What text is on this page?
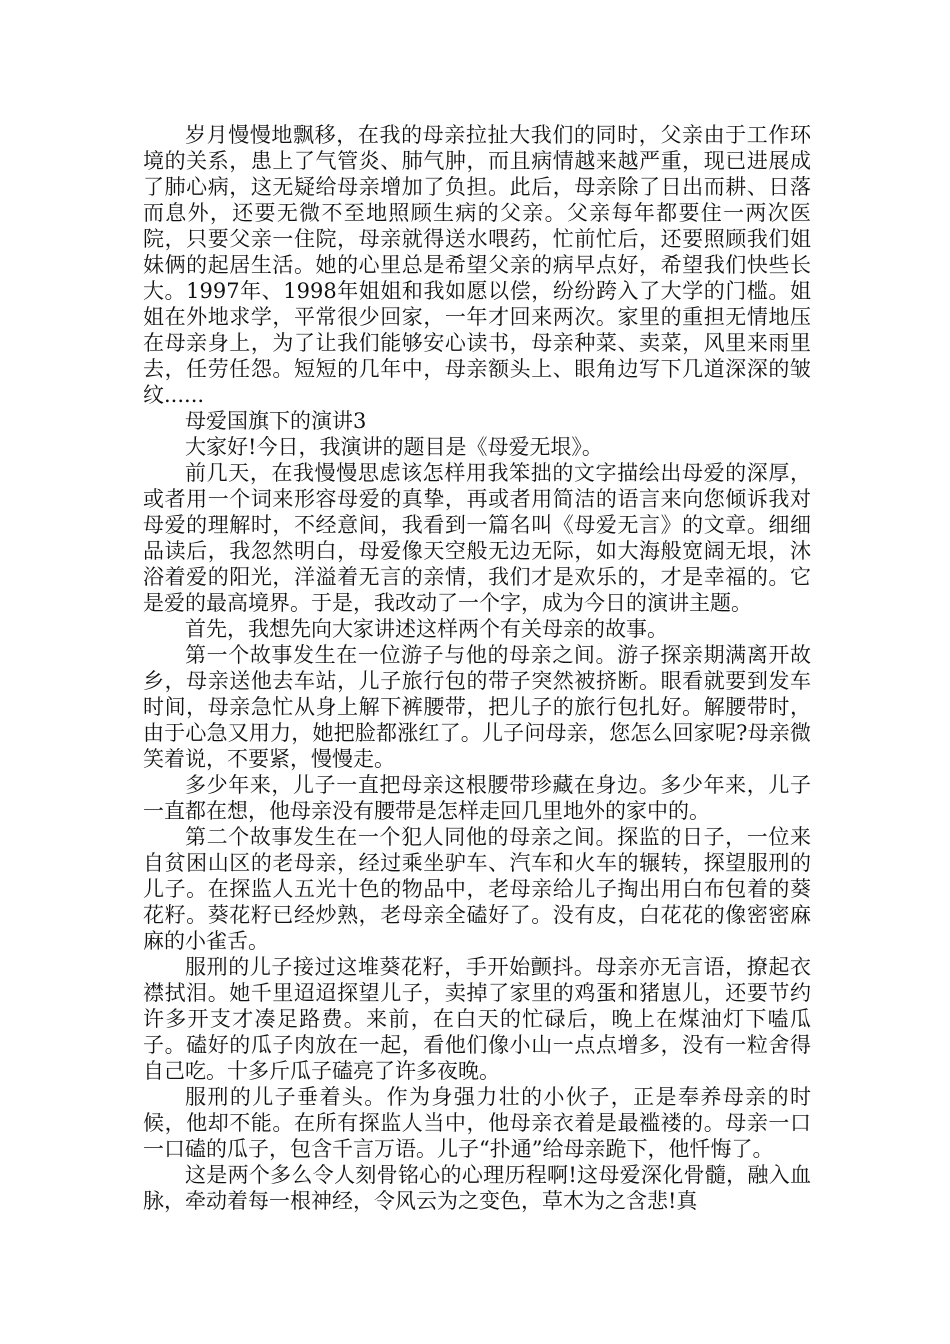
岁月慢慢地飘移，在我的母亲拉扯大我们的同时，父亲由于工作环境的关系，患上了气管炎、肺气肿，而且病情越来越严重，现已进展成了肺心病，这无疑给母亲增加了负担。此后，母亲除了日出而耕、日落而息外，还要无微不至地照顾生病的父亲。父亲每年都要住一两次医院，只要父亲一住院，母亲就得送水喂药，忙前忙后，还要照顾我们姐妹俩的起居生活。她的心里总是希望父亲的病早点好，希望我们快些长大。1997年、1998年姐姐和我如愿以偿，纷纷跨入了大学的门槛。姐姐在外地求学，平常很少回家，一年才回来两次。家里的重担无情地压在母亲身上，为了让我们能够安心读书，母亲种菜、卖菜，风里来雨里去，任劳任怨。短短的几年中，母亲额头上、眼角边写下几道深深的皱纹......

母爱国旗下的演讲3

大家好!今日，我演讲的题目是《母爱无垠》。

前几天，在我慢慢思虑该怎样用我笨拙的文字描绘出母爱的深厚，或者用一个词来形容母爱的真挚，再或者用简洁的语言来向您倾诉我对母爱的理解时，不经意间，我看到一篇名叫《母爱无言》的文章。细细品读后，我忽然明白，母爱像天空般无边无际，如大海般宽阔无垠，沐浴着爱的阳光，洋溢着无言的亲情，我们才是欢乐的，才是幸福的。它是爱的最高境界。于是，我改动了一个字，成为今日的演讲主题。

首先，我想先向大家讲述这样两个有关母亲的故事。

第一个故事发生在一位游子与他的母亲之间。游子探亲期满离开故乡，母亲送他去车站，儿子旅行包的带子突然被挤断。眼看就要到发车时间，母亲急忙从身上解下裤腰带，把儿子的旅行包扎好。解腰带时，由于心急又用力，她把脸都涨红了。儿子问母亲，您怎么回家呢?母亲微笑着说，不要紧，慢慢走。

多少年来，儿子一直把母亲这根腰带珍藏在身边。多少年来，儿子一直都在想，他母亲没有腰带是怎样走回几里地外的家中的。

第二个故事发生在一个犯人同他的母亲之间。探监的日子，一位来自贫困山区的老母亲，经过乘坐驴车、汽车和火车的辗转，探望服刑的儿子。在探监人五光十色的物品中，老母亲给儿子掏出用白布包着的葵花籽。葵花籽已经炒熟，老母亲全磕好了。没有皮，白花花的像密密麻麻的小雀舌。

服刑的儿子接过这堆葵花籽，手开始颤抖。母亲亦无言语，撩起衣襟拭泪。她千里迢迢探望儿子，卖掉了家里的鸡蛋和猪崽儿，还要节约许多开支才凑足路费。来前，在白天的忙碌后，晚上在煤油灯下嗑瓜子。磕好的瓜子肉放在一起，看他们像小山一点点增多，没有一粒舍得自己吃。十多斤瓜子磕亮了许多夜晚。

服刑的儿子垂着头。作为身强力壮的小伙子，正是奉养母亲的时候，他却不能。在所有探监人当中，他母亲衣着是最褴褛的。母亲一口一口磕的瓜子，包含千言万语。儿子“扑通”给母亲跪下，他忏悔了。

这是两个多么令人刻骨铭心的心理历程啊!这母爱深化骨髓，融入血脉，牵动着每一根神经，令风云为之变色，草木为之含悲!真
